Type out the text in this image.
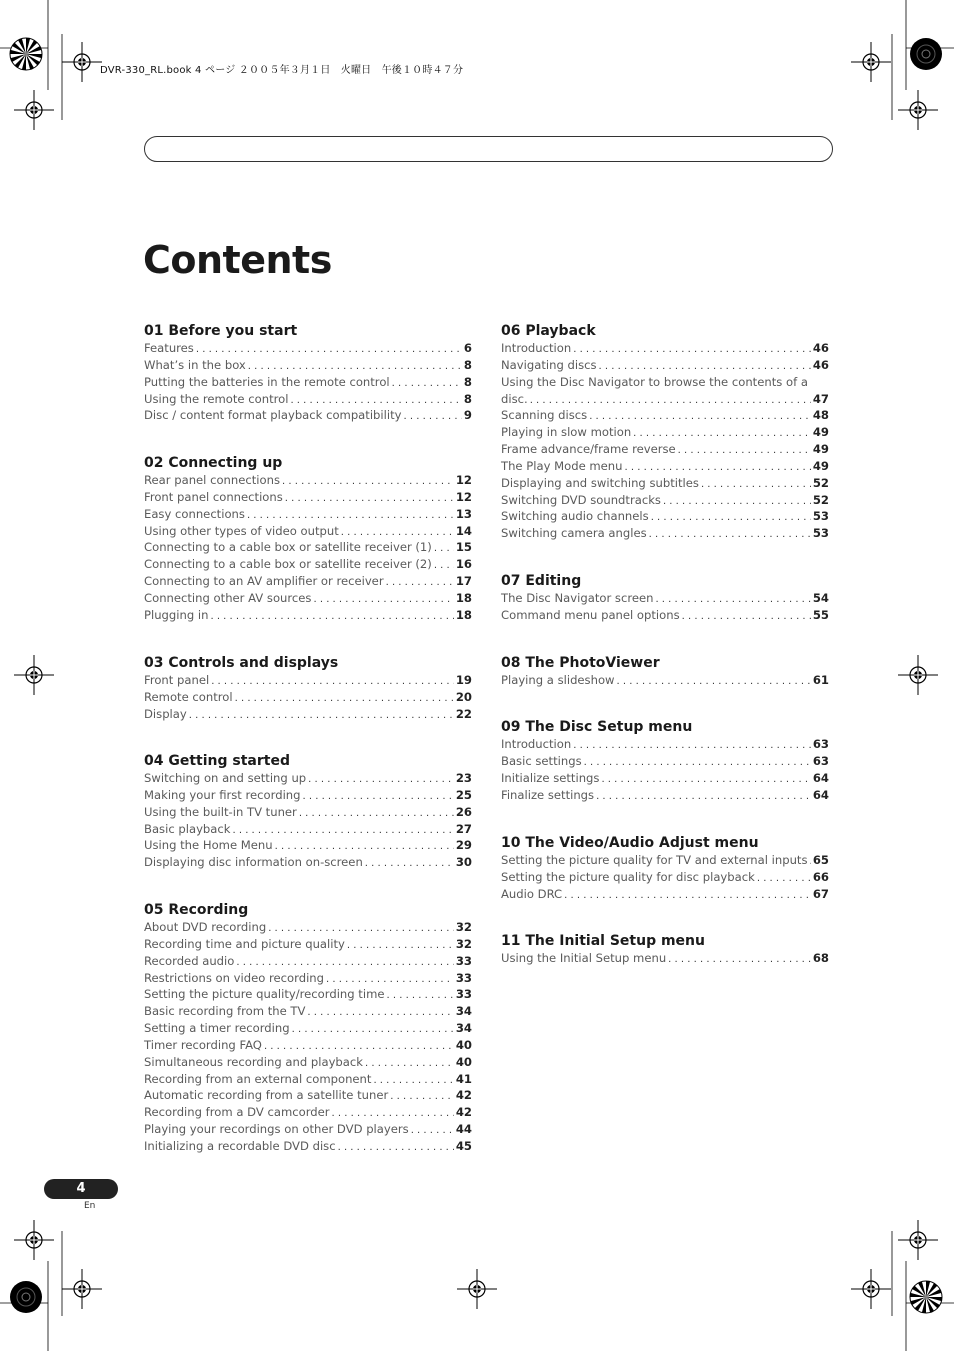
DVR-330_RL.book 4 ページ ２００５年３月１日　火曜日　午後１０時４７分
Contents
01 Before you start
Features . . .	6
What’s in the box . . .	8
Putting the batteries in the remote control . . .	8
Using the remote control . . .	8
Disc / content format playback compatibility . . .	9
02 Connecting up
Rear panel connections . . .	12
Front panel connections . . .	12
Easy connections . . .	13
Using other types of video output . . .	14
Connecting to a cable box or satellite receiver (1) . . . 15
Connecting to a cable box or satellite receiver (2) . . . 16
Connecting to an AV amplifier or receiver . . .	17
Connecting other AV sources . . .	18
Plugging in . . .	18
03 Controls and displays
Front panel . . .	19
Remote control . . .	20
Display . . .	22
04 Getting started
Switching on and setting up . . .	23
Making your first recording . . .	25
Using the built-in TV tuner . . .	26
Basic playback . . .	27
Using the Home Menu . . .	29
Displaying disc information on-screen . . .	30
05 Recording
About DVD recording . . .	32
Recording time and picture quality . . .	32
Recorded audio . . .	33
Restrictions on video recording . . .	33
Setting the picture quality/recording time . . .	33
Basic recording from the TV . . .	34
Setting a timer recording . . .	34
Timer recording FAQ . . .	40
Simultaneous recording and playback . . .	40
Recording from an external component . . .	41
Automatic recording from a satellite tuner . . .	42
Recording from a DV camcorder . . .	42
Playing your recordings on other DVD players . . .	44
Initializing a recordable DVD disc . . .	45
06 Playback
Introduction . . .	46
Navigating discs . . .	46
Using the Disc Navigator to browse the contents of a
disc. . . .	47
Scanning discs . . .	48
Playing in slow motion . . .	49
Frame advance/frame reverse . . .	49
The Play Mode menu . . .	49
Displaying and switching subtitles . . .	52
Switching DVD soundtracks . . .	52
Switching audio channels . . .	53
Switching camera angles . . .	53
07 Editing
The Disc Navigator screen . . .	54
Command menu panel options . . .	55
08 The PhotoViewer
Playing a slideshow . . .	61
09 The Disc Setup menu
Introduction . . .	63
Basic settings . . .	63
Initialize settings . . .	64
Finalize settings . . .	64
10 The Video/Audio Adjust menu
Setting the picture quality for TV and external inputs . . . 65
Setting the picture quality for disc playback . . .	66
Audio DRC . . .	67
11 The Initial Setup menu
Using the Initial Setup menu . . .	68
4
En
